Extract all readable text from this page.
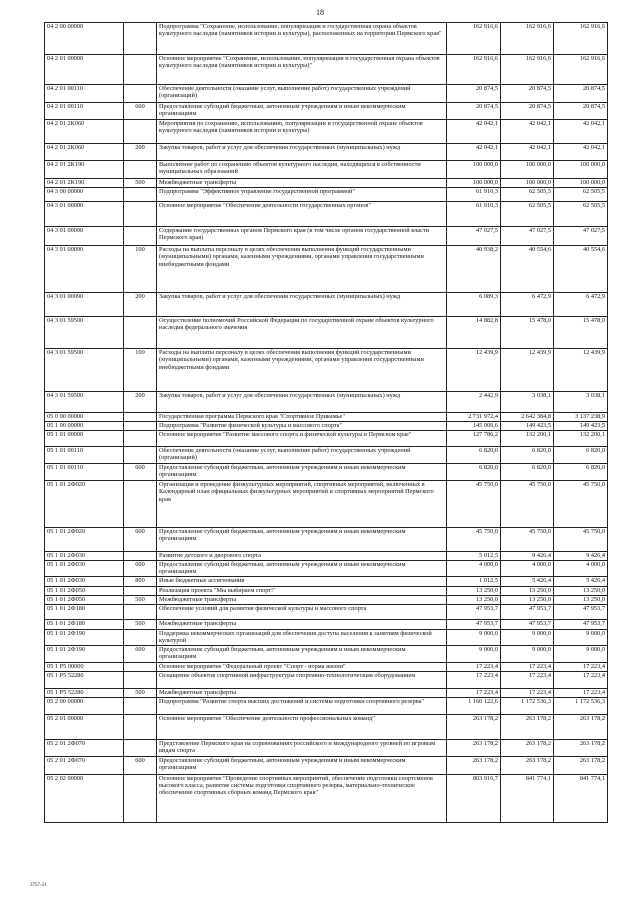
18
04 2 00 00000		Подпрограмма "Сохранение, использование, популяризация и государственная охрана объектов культурного наследия (памятников истории и культуры), расположенных на территории Пермского края"	162 916,6	162 916,6	162 916,6
04 2 01 00000		Основное мероприятие "Сохранение, использование, популяризация и государственная охрана объектов культурного наследия (памятников истории и культуры)"	162 916,6	162 916,6	162 916,6
04 2 01 00110		Обеспечение деятельности (оказание услуг, выполнение работ) государственных учреждений (организаций)	20 874,5	20 874,5	20 874,5
04 2 01 00110	600	Предоставление субсидий бюджетным, автономным учреждениям и иным некоммерческим организациям	20 874,5	20 874,5	20 874,5
04 2 01 2К060		Мероприятия по сохранению, использованию, популяризации и государственной охране объектов культурного наследия (памятников истории и культуры)	42 042,1	42 042,1	42 042,1
04 2 01 2К060	200	Закупка товаров, работ и услуг для обеспечения государственных (муниципальных) нужд	42 042,1	42 042,1	42 042,1
04 2 01 2К190		Выполнение работ по сохранению объектов культурного наследия, находящихся в собственности муниципальных образований	100 000,0	100 000,0	100 000,0
04 2 01 2К190	500	Межбюджетные трансферты	100 000,0	100 000,0	100 000,0
04 3 00 00000		Подпрограмма "Эффективное управление государственной программой"	61 910,3	62 505,5	62 505,5
04 3 01 00000		Основное мероприятие "Обеспечение деятельности государственных органов"	61 910,3	62 505,5	62 505,5
04 3 01 00090		Содержание государственных органов Пермского края (в том числе органов государственной власти Пермского края)	47 027,5	47 027,5	47 027,5
04 3 01 00090	100	Расходы на выплаты персоналу в целях обеспечения выполнения функций государственными (муниципальными) органами, казенными учреждениями, органами управления государственными внебюджетными фондами	40 938,2	40 554,6	40 554,6
04 3 01 00090	200	Закупка товаров, работ и услуг для обеспечения государственных (муниципальных) нужд	6 089,3	6 472,9	6 472,9
04 3 01 59500		Осуществление полномочий Российской Федерации по государственной охране объектов культурного наследия федерального значения	14 882,8	15 478,0	15 478,0
04 3 01 59500	100	Расходы на выплаты персоналу в целях обеспечения выполнения функций государственными (муниципальными) органами, казенными учреждениями, органами управления государственными внебюджетными фондами	12 439,9	12 439,9	12 439,9
04 3 01 59500	200	Закупка товаров, работ и услуг для обеспечения государственных (муниципальных) нужд	2 442,9	3 038,1	3 038,1
05 0 00 00000		Государственная программа Пермского края "Спортивное Прикамье"	2 731 972,4	2 642 384,8	3 137 238,9
05 1 00 00000		Подпрограмма "Развитие физической культуры и массового спорта"	145 009,6	149 423,5	149 423,5
05 1 01 00000		Основное мероприятие "Развитие массового спорта и физической культуры в Пермском крае"	127 786,2	132 200,1	132 200,1
05 1 01 00110		Обеспечение деятельности (оказание услуг, выполнение работ) государственных учреждений (организаций)	6 820,0	6 820,0	6 820,0
05 1 01 00110	600	Предоставление субсидий бюджетным, автономным учреждениям и иным некоммерческим организациям	6 820,0	6 820,0	6 820,0
05 1 01 2Ф020		Организация и проведение физкультурных мероприятий, спортивных мероприятий, включенных в Календарный план официальных физкультурных мероприятий и спортивных мероприятий Пермского края	45 750,0	45 750,0	45 750,0
05 1 01 2Ф020	600	Предоставление субсидий бюджетным, автономным учреждениям и иным некоммерческим организациям	45 750,0	45 750,0	45 750,0
05 1 01 2Ф030		Развитие детского и дворового спорта	5 012,5	9 426,4	9 426,4
05 1 01 2Ф030	600	Предоставление субсидий бюджетным, автономным учреждениям и иным некоммерческим организациям	4 000,0	4 000,0	4 000,0
05 1 01 2Ф030	800	Иные бюджетные ассигнования	1 012,5	5 426,4	5 426,4
05 1 01 2Ф050		Реализация проекта "Мы выбираем спорт!"	13 250,0	13 250,0	13 250,0
05 1 01 2Ф050	500	Межбюджетные трансферты	13 250,0	13 250,0	13 250,0
05 1 01 2Ф180		Обеспечение условий для развития физической культуры и массового спорта	47 953,7	47 953,7	47 953,7
05 1 01 2Ф180	500	Межбюджетные трансферты	47 953,7	47 953,7	47 953,7
05 1 01 2Ф190		Поддержка некоммерческих организаций для обеспечения доступа населения к занятиям физической культурой	9 000,0	9 000,0	9 000,0
05 1 01 2Ф190	600	Предоставление субсидий бюджетным, автономным учреждениям и иным некоммерческим организациям	9 000,0	9 000,0	9 000,0
05 1 Р5 00000		Основное мероприятие "Федеральный проект "Спорт - норма жизни"	17 223,4	17 223,4	17 223,4
05 1 Р5 52280		Оснащение объектов спортивной инфраструктуры спортивно-технологическим оборудованием	17 223,4	17 223,4	17 223,4
05 1 Р5 52280	500	Межбюджетные трансферты	17 223,4	17 223,4	17 223,4
05 2 00 00000		Подпрограмма "Развитие спорта высших достижений и системы подготовки спортивного резерва"	1 160 122,6	1 172 536,3	1 172 536,3
05 2 01 00000		Основное мероприятие "Обеспечение деятельности профессиональных команд"	263 178,2	263 178,2	263 178,2
05 2 01 2Ф070		Представление Пермского края на соревнованиях российского и международного уровней по игровым видам спорта	263 178,2	263 178,2	263 178,2
05 2 01 2Ф070	600	Предоставление субсидий бюджетным, автономным учреждениям и иным некоммерческим организациям	263 178,2	263 178,2	263 178,2
05 2 02 00000		Основное мероприятие "Проведение спортивных мероприятий, обеспечение подготовки спортсменов высокого класса, развитие системы подготовки спортивного резерва, материально-техническое обеспечение спортивных сборных команд Пермского края"	803 916,7	841 774,1	841 774,1
3757-21
